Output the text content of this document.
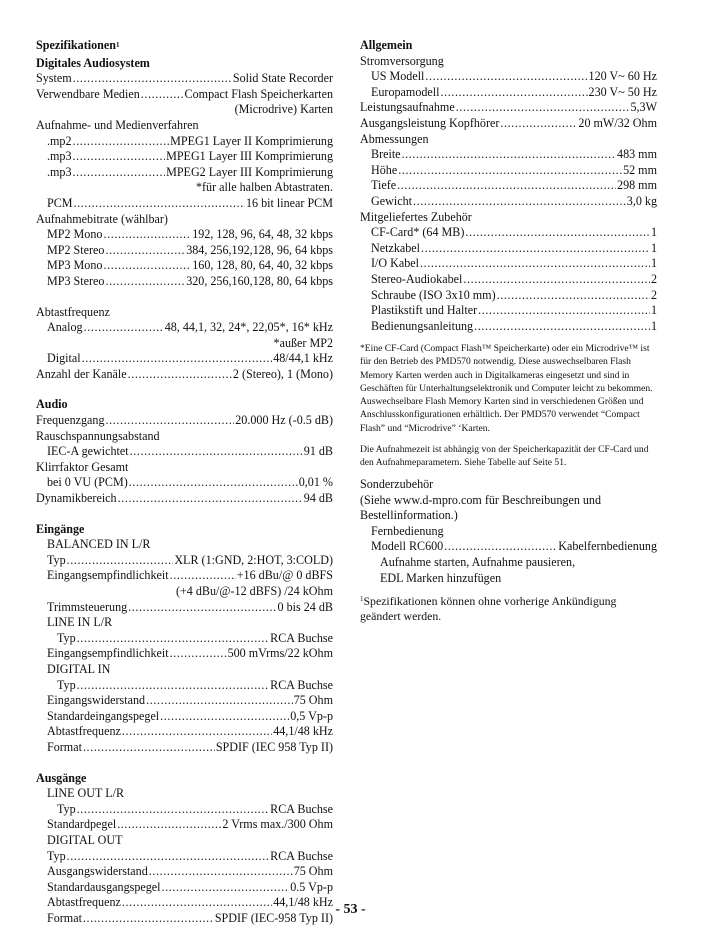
Spezifikationen$^1$
Digitales Audiosystem
System .....	Solid State Recorder
Verwendbare Medien .....	Compact Flash Speicherkarten
(Microdrive) Karten
Aufnahme- und Medienverfahren
.mp2 .....	MPEG1 Layer II Komprimierung
.mp3 .....	MPEG1 Layer III Komprimierung
.mp3 .....	MPEG2 Layer III Komprimierung
*für alle halben Abtastraten.
PCM .....	16 bit linear PCM
Aufnahmebitrate (wählbar)
MP2 Mono .....	192, 128, 96, 64, 48, 32 kbps
MP2 Stereo .....	384, 256,192,128, 96, 64 kbps
MP3 Mono .....	160, 128, 80, 64, 40, 32 kbps
MP3 Stereo .....	320, 256,160,128, 80, 64 kbps
Abtastfrequenz
Analog .....	48, 44,1, 32, 24*, 22,05*, 16* kHz
*außer MP2
Digital .....	48/44,1 kHz
Anzahl der Kanäle .....	2 (Stereo), 1 (Mono)
Audio
Frequenzgang .....	20.000 Hz (-0.5 dB)
Rauschspannungsabstand
IEC-A gewichtet .....	91 dB
Klirrfaktor Gesamt
bei 0 VU (PCM) .....	0,01 %
Dynamikbereich .....	94 dB
Eingänge
BALANCED IN L/R
Typ .....	XLR (1:GND, 2:HOT, 3:COLD)
Eingangsempfindlichkeit .....	+16 dBu/@ 0 dBFS
(+4 dBu/@-12 dBFS) /24 kOhm
Trimmsteuerung .....	0 bis 24 dB
LINE IN L/R
Typ .....	RCA Buchse
Eingangsempfindlichkeit .....	500 mVrms/22 kOhm
DIGITAL IN
Typ .....	RCA Buchse
Eingangswiderstand .....	75 Ohm
Standardeingangspegel .....	0,5 Vp-p
Abtastfrequenz .....	44,1/48 kHz
Format .....	SPDIF (IEC 958 Typ II)
Ausgänge
LINE OUT L/R
Typ .....	RCA Buchse
Standardpegel .....	2 Vrms max./300 Ohm
DIGITAL OUT
Typ .....	RCA Buchse
Ausgangswiderstand .....	75 Ohm
Standardausgangspegel .....	0.5 Vp-p
Abtastfrequenz .....	44,1/48 kHz
Format .....	SPDIF (IEC-958 Typ II)
Allgemein
Stromversorgung
US Modell .....	120 V~ 60 Hz
Europamodell .....	230 V~ 50 Hz
Leistungsaufnahme .....	5,3W
Ausgangsleistung Kopfhörer .....	20 mW/32 Ohm
Abmessungen
Breite .....	483 mm
Höhe .....	52 mm
Tiefe .....	298 mm
Gewicht .....	3,0 kg
Mitgeliefertes Zubehör
CF-Card* (64 MB) .....	1
Netzkabel .....	1
I/O Kabel .....	1
Stereo-Audiokabel .....	2
Schraube (ISO 3x10 mm) .....	2
Plastikstift und Halter .....	1
Bedienungsanleitung .....	1
*Eine CF-Card (Compact Flash™ Speicherkarte) oder ein Microdrive™ ist für den Betrieb des PMD570 notwendig. Diese auswechselbaren Flash Memory Karten werden auch in Digitalkameras eingesetzt und sind in Geschäften für Unterhaltungselektronik und Computer leicht zu bekommen. Auswechselbare Flash Memory Karten sind in verschiedenen Größen und Anschlusskonfigurationen erhältlich. Der PMD570 verwendet “Compact Flash” und “Microdrive” ‘Karten.
Die Aufnahmezeit ist abhängig von der Speicherkapazität der CF-Card und den Aufnahmeparametern. Siehe Tabelle auf Seite 51.
Sonderzubehör
(Siehe www.d-mpro.com für Beschreibungen und
Bestellinformation.)
Fernbedienung
Modell RC600 .....	Kabelfernbedienung
Aufnahme starten, Aufnahme pausieren,
EDL Marken hinzufügen
$^1$Spezifikationen können ohne vorherige Ankündigung geändert werden.
- 53 -
